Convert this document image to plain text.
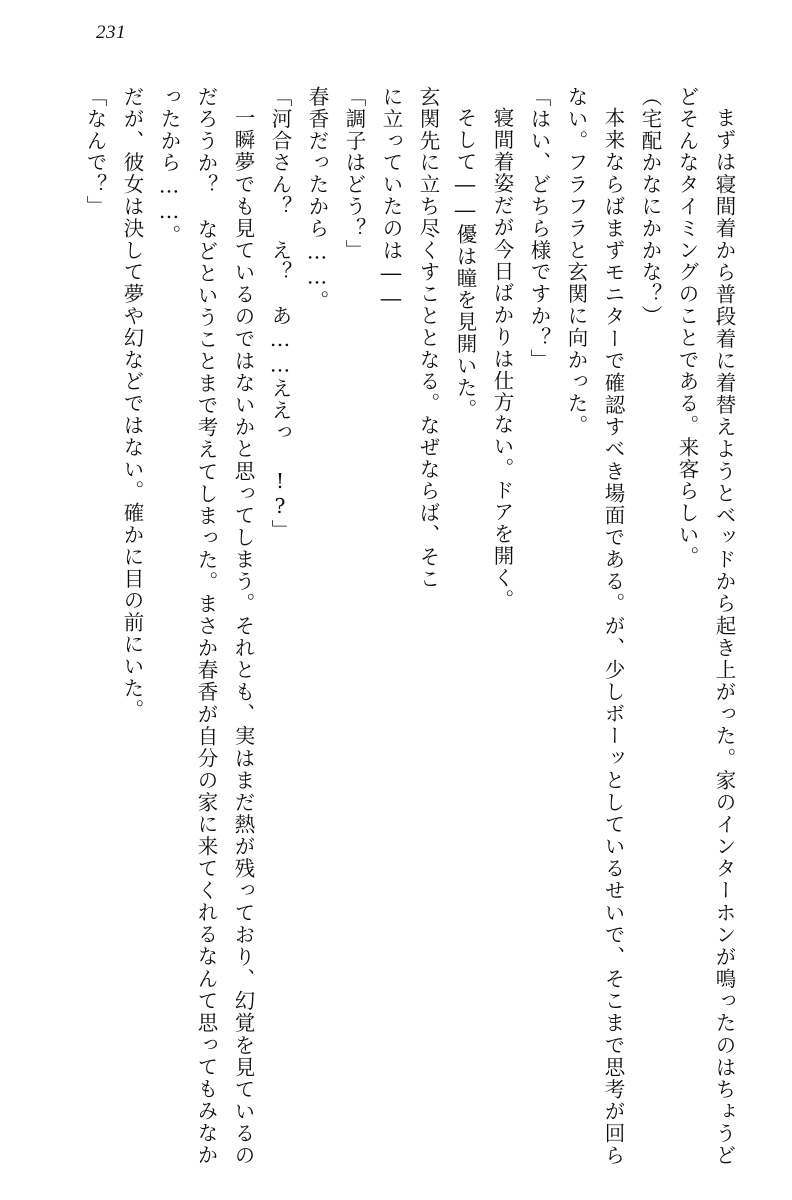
231

まずは寝間着から普段着に着替えようとベッドから起き上がった。家のインターホンが鳴ったのはちょうどどそんなタイミングのことである。来客らしい。

（宅配かなにかかな？）

本来ならばまずモニターで確認すべき場面である。が、少しボーッとしているせいで、そこまで思考が回らない。フラフラと玄関に向かった。

「はい、どちら様ですか？」

寝間着姿だが今日ばかりは仕方ない。ドアを開く。

そして――優は瞳を見開いた。

玄関先に立ち尽くすこととなる。なぜならば、そこ

に立っていたのは――

「調子はどう？」

春香だったから……。

「河合さん？　え？　あ……ええっ !?」

一瞬夢でも見ているのではないかと思ってしまう。それとも、実はまだ熱が残っており、幻覚を見ているのだろうか？　などということまで考えてしまった。まさか春香が自分の家に来てくれるなんて思ってもみなかったから……。

だが、彼女は決して夢や幻などではない。確かに目の前にいた。

「なんで？」
